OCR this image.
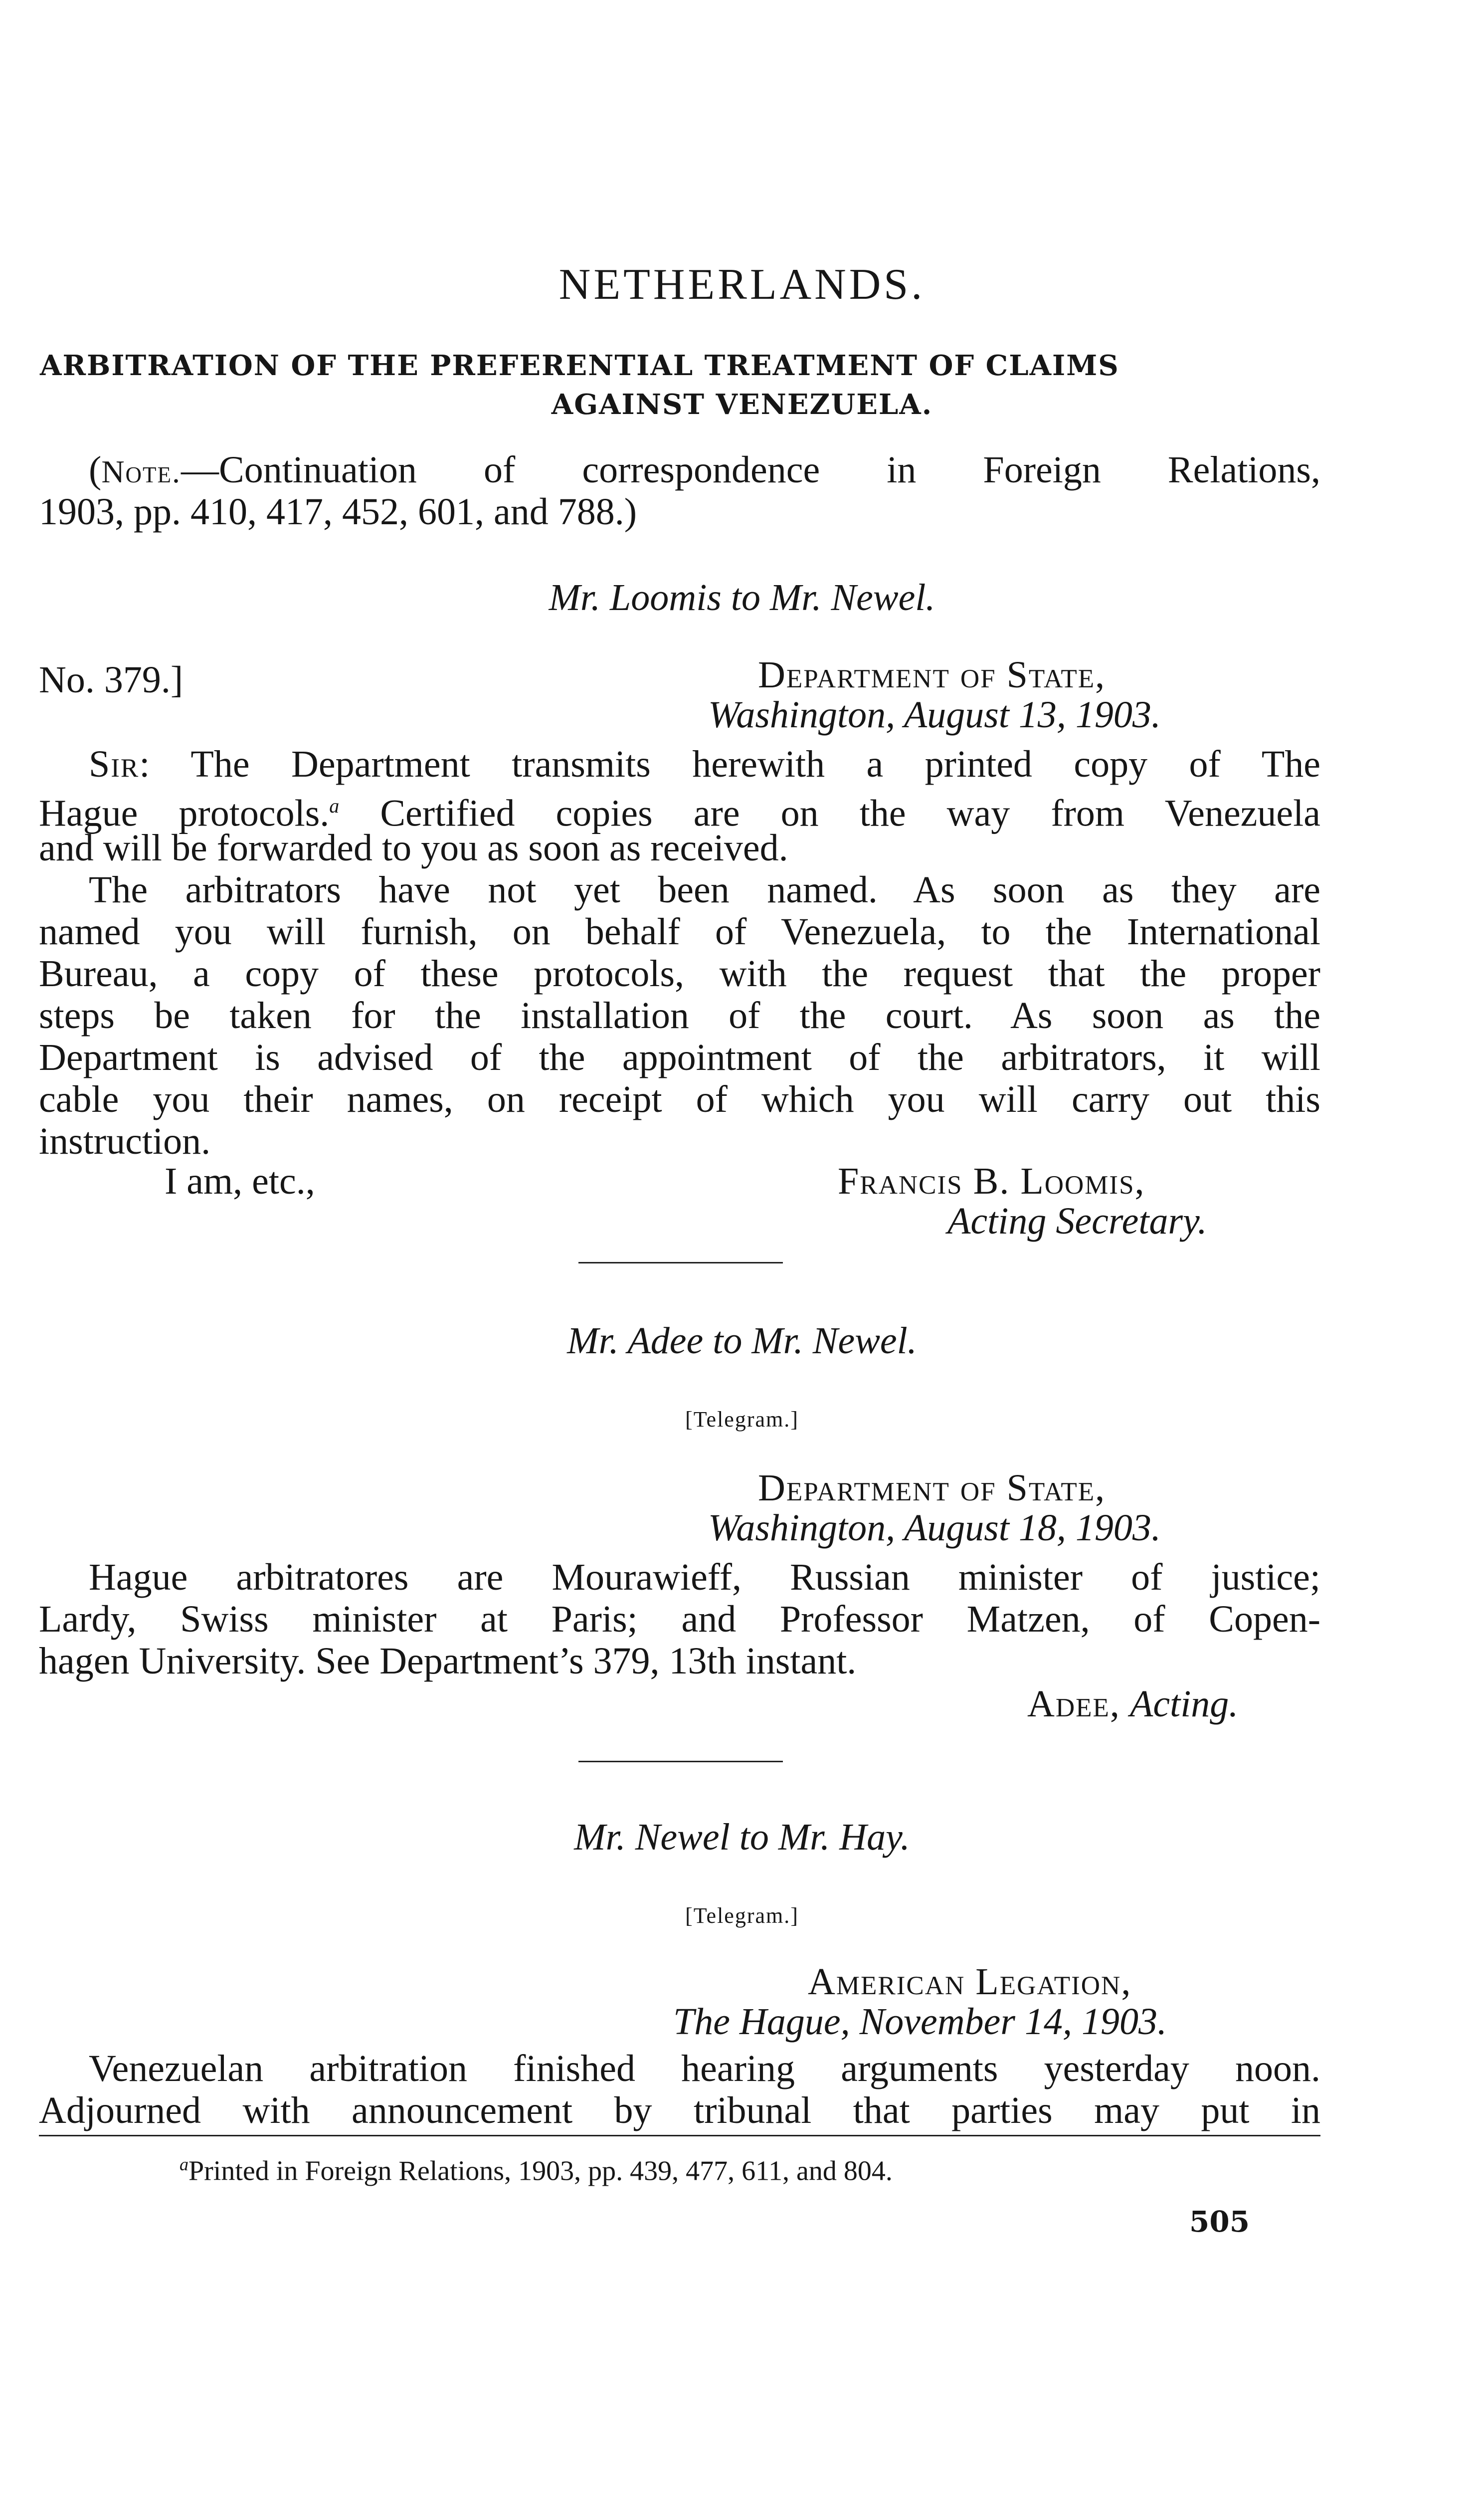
NETHERLANDS.
ARBITRATION OF THE PREFERENTIAL TREATMENT OF CLAIMS
AGAINST VENEZUELA.
(Note.—Continuation of correspondence in Foreign Relations,
1903, pp. 410, 417, 452, 601, and 788.)
Mr. Loomis to Mr. Newel.
No. 379.]	Department of State,
Washington, August 13, 1903.
Sir: The Department transmits herewith a printed copy of The
Hague protocols.$^a$ Certified copies are on the way from Venezuela
and will be forwarded to you as soon as received.
The arbitrators have not yet been named. As soon as they are
named you will furnish, on behalf of Venezuela, to the International
Bureau, a copy of these protocols, with the request that the proper
steps be taken for the installation of the court. As soon as the
Department is advised of the appointment of the arbitrators, it will
cable you their names, on receipt of which you will carry out this
instruction.
I am, etc.,	Francis B. Loomis,
Acting Secretary.
Mr. Adee to Mr. Newel.
[Telegram.]
Department of State,
Washington, August 18, 1903.
Hague arbitratores are Mourawieff, Russian minister of justice;
Lardy, Swiss minister at Paris; and Professor Matzen, of Copen-
hagen University. See Department’s 379, 13th instant.
Adee, Acting.
Mr. Newel to Mr. Hay.
[Telegram.]
American Legation,
The Hague, November 14, 1903.
Venezuelan arbitration finished hearing arguments yesterday noon.
Adjourned with announcement by tribunal that parties may put in
$^a$Printed in Foreign Relations, 1903, pp. 439, 477, 611, and 804.
505
